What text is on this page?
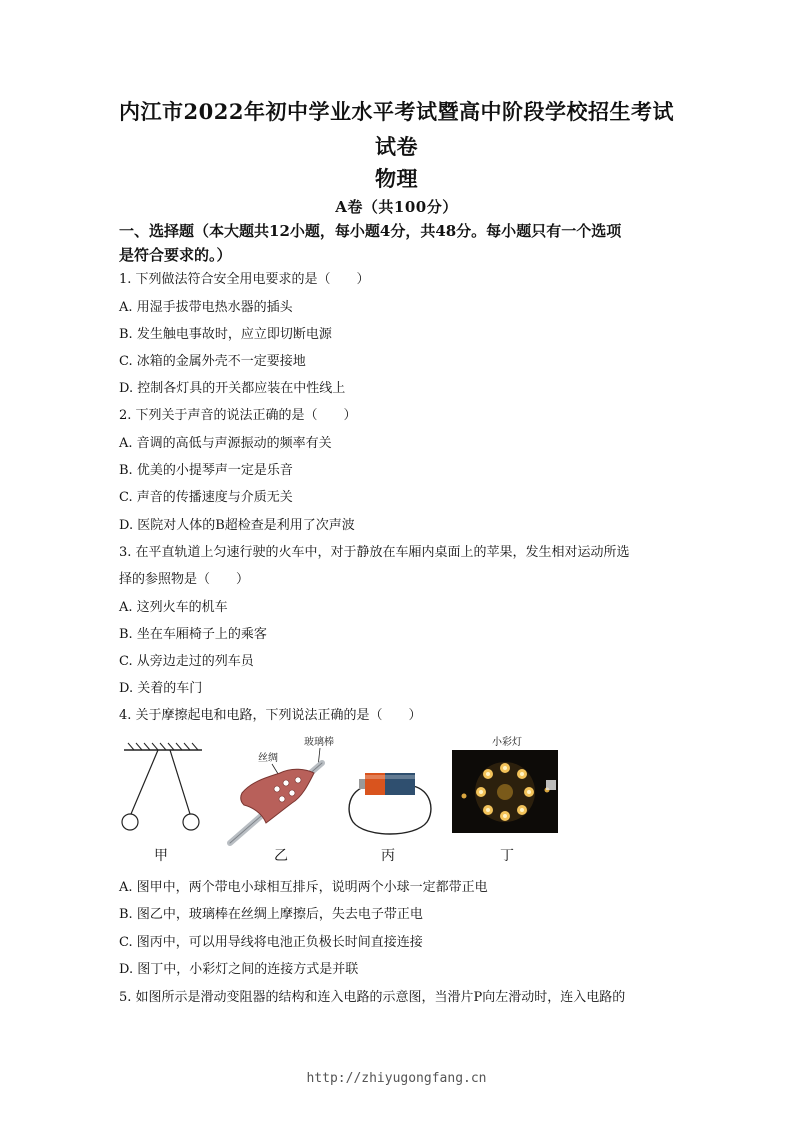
内江市2022年初中学业水平考试暨高中阶段学校招生考试
试卷
物理
A卷（共100分）
一、选择题（本大题共12小题，每小题4分，共48分。每小题只有一个选项
是符合要求的。）
1. 下列做法符合安全用电要求的是（　　）
A. 用湿手拔带电热水器的插头
B. 发生触电事故时，应立即切断电源
C. 冰箱的金属外壳不一定要接地
D. 控制各灯具的开关都应装在中性线上
2. 下列关于声音的说法正确的是（　　）
A. 音调的高低与声源振动的频率有关
B. 优美的小提琴声一定是乐音
C. 声音的传播速度与介质无关
D. 医院对人体的B超检查是利用了次声波
3. 在平直轨道上匀速行驶的火车中，对于静放在车厢内桌面上的苹果，发生相对运动所选
择的参照物是（　　）
A. 这列火车的机车
B. 坐在车厢椅子上的乘客
C. 从旁边走过的列车员
D. 关着的车门
4. 关于摩擦起电和电路，下列说法正确的是（　　）
甲
玻璃棒
丝绸
乙	丙
小彩灯
丁
A. 图甲中，两个带电小球相互排斥，说明两个小球一定都带正电
B. 图乙中，玻璃棒在丝绸上摩擦后，失去电子带正电
C. 图丙中，可以用导线将电池正负极长时间直接连接
D. 图丁中，小彩灯之间的连接方式是并联
5. 如图所示是滑动变阻器的结构和连入电路的示意图，当滑片P向左滑动时，连入电路的
http://zhiyugongfang.cn
